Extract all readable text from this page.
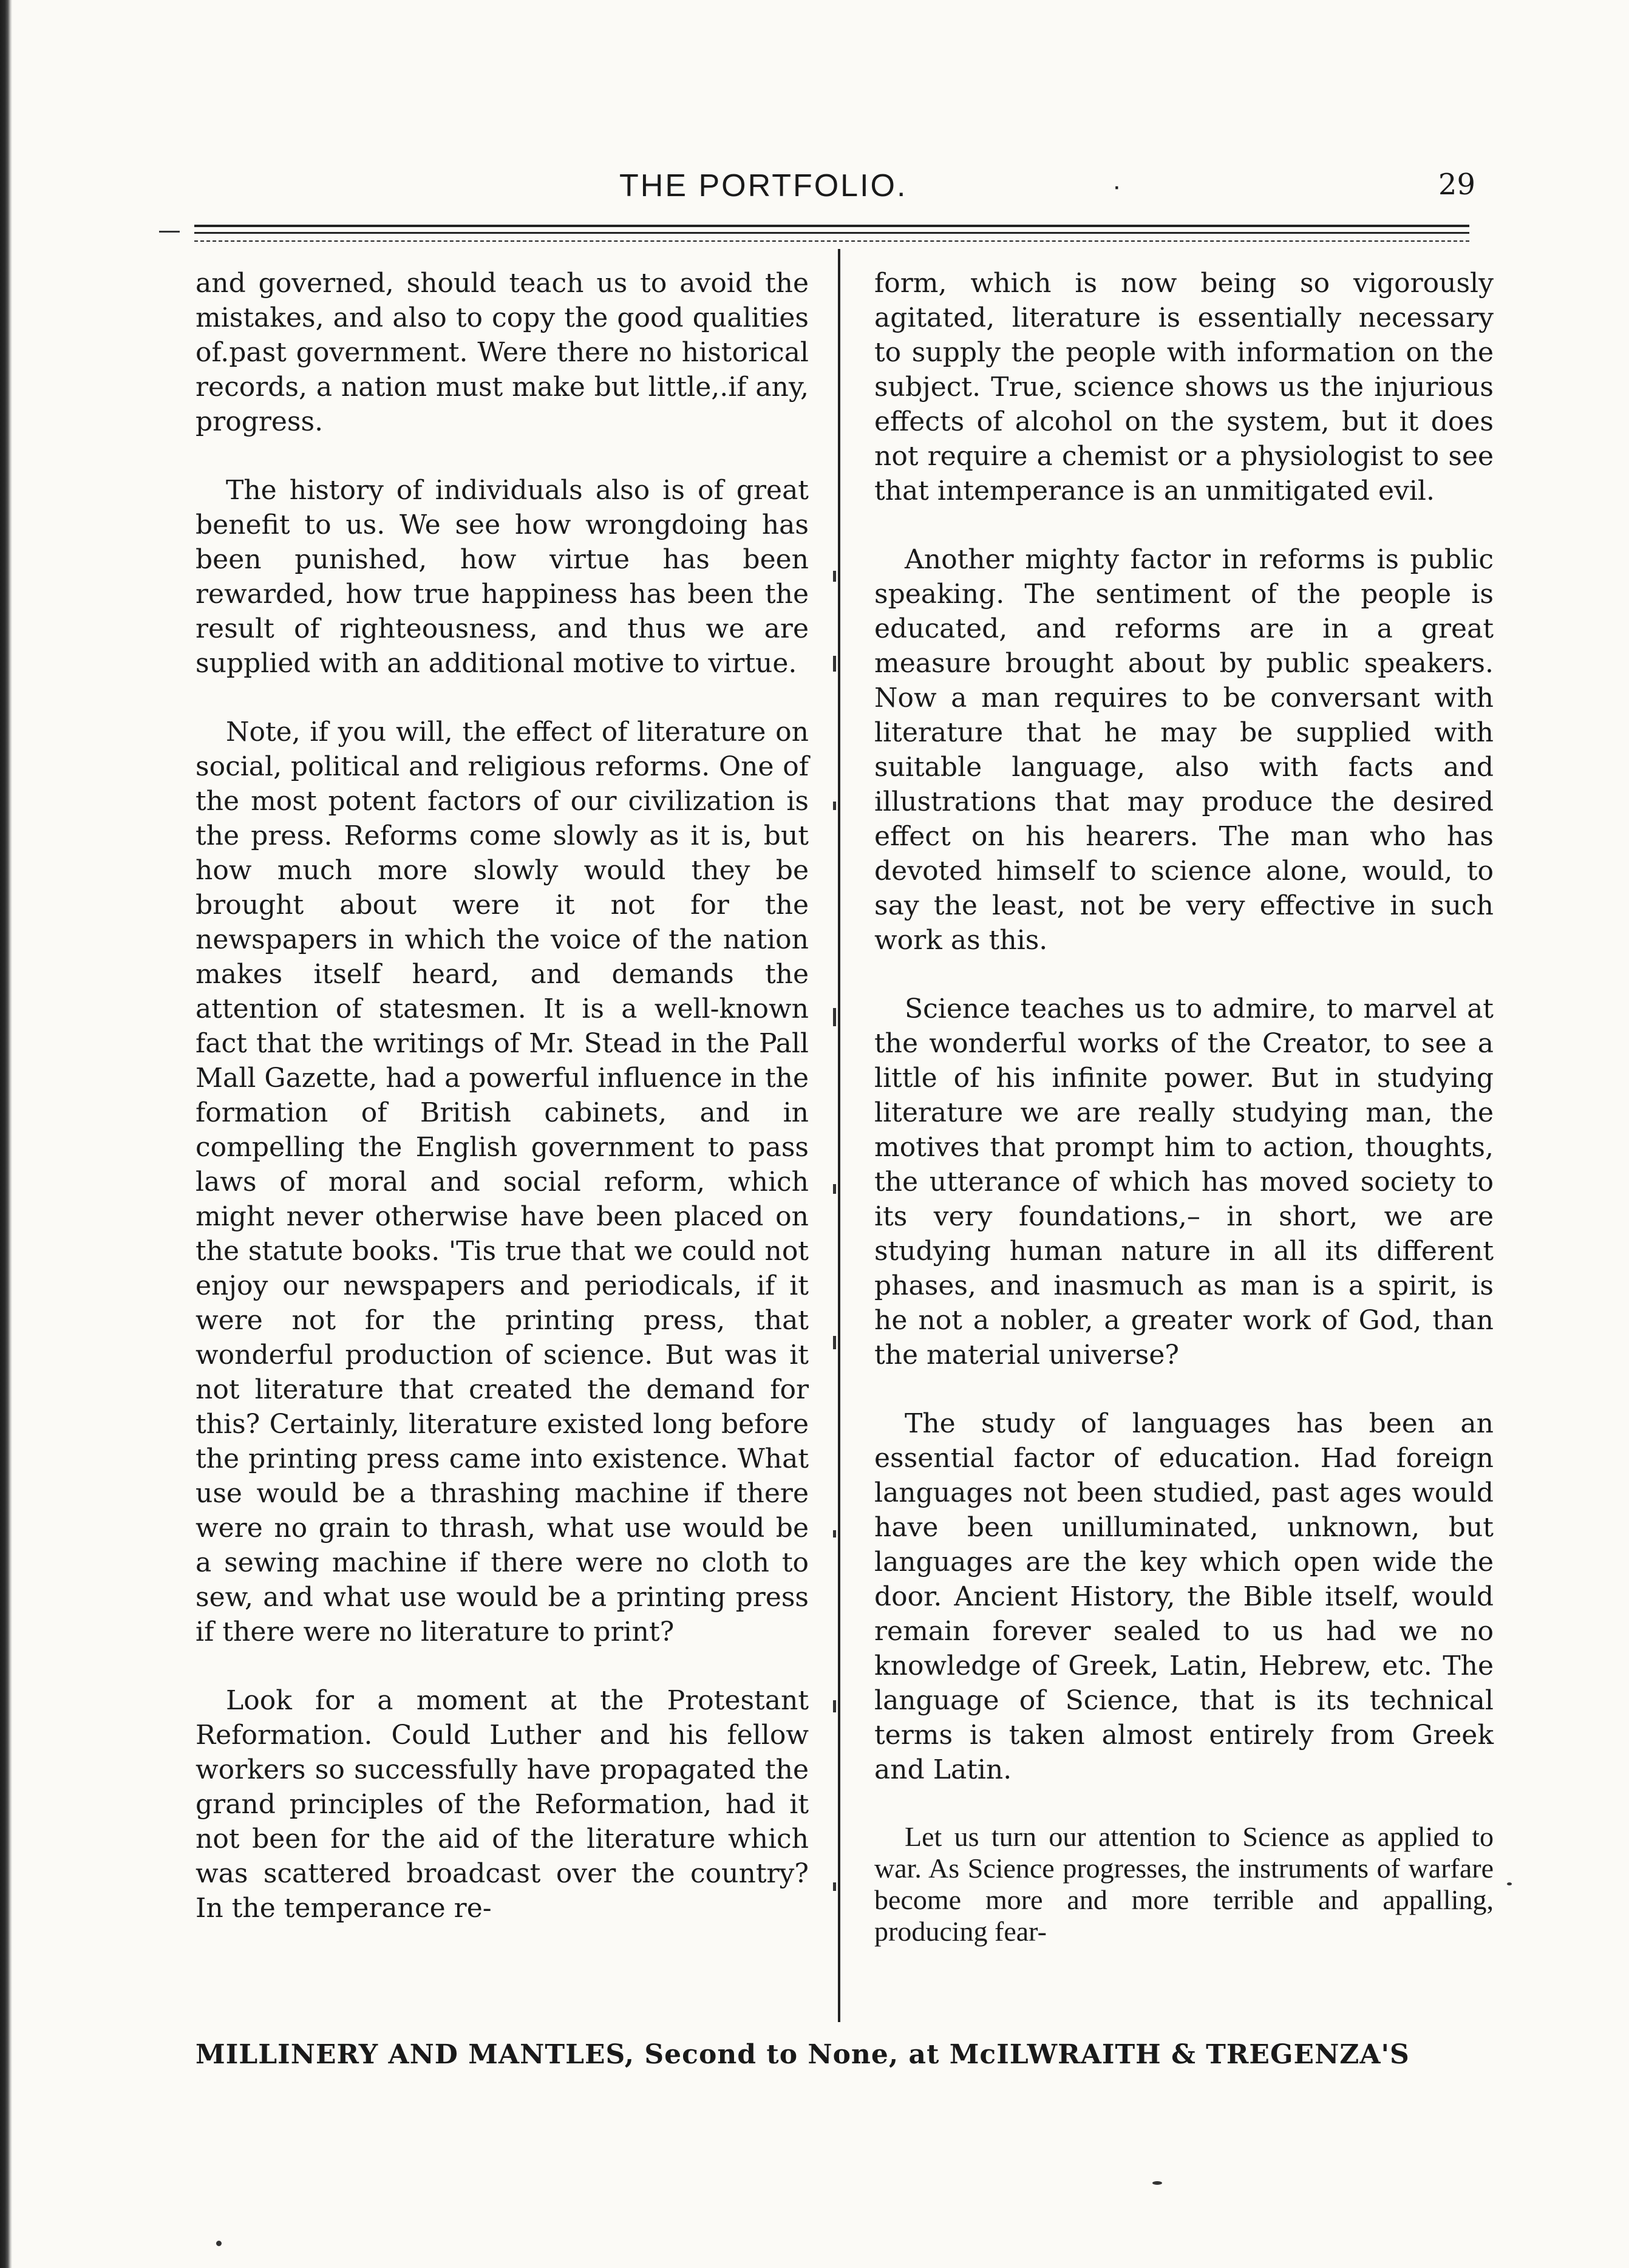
THE PORTFOLIO.	·	29

and governed, should teach us to avoid the mistakes, and also to copy the good qualities of.past government. Were there no historical records, a nation must make but little,.if any, progress.

The history of individuals also is of great benefit to us. We see how wrongdoing has been punished, how virtue has been rewarded, how true happiness has been the result of righteousness, and thus we are supplied with an additional motive to virtue.

Note, if you will, the effect of literature on social, political and religious reforms. One of the most potent factors of our civilization is the press. Reforms come slowly as it is, but how much more slowly would they be brought about were it not for the newspapers in which the voice of the nation makes itself heard, and demands the attention of statesmen. It is a well-known fact that the writings of Mr. Stead in the Pall Mall Gazette, had a powerful influence in the formation of British cabinets, and in compelling the English government to pass laws of moral and social reform, which might never otherwise have been placed on the statute books. 'Tis true that we could not enjoy our newspapers and periodicals, if it were not for the printing press, that wonderful production of science. But was it not literature that created the demand for this? Certainly, literature existed long before the printing press came into existence. What use would be a thrashing machine if there were no grain to thrash, what use would be a sewing machine if there were no cloth to sew, and what use would be a printing press if there were no literature to print?

Look for a moment at the Protestant Reformation. Could Luther and his fellow workers so successfully have propagated the grand principles of the Reformation, had it not been for the aid of the literature which was scattered broadcast over the country? In the temperance re-

form, which is now being so vigorously agitated, literature is essentially necessary to supply the people with information on the subject. True, science shows us the injurious effects of alcohol on the system, but it does not require a chemist or a physiologist to see that intemperance is an unmitigated evil.

Another mighty factor in reforms is public speaking. The sentiment of the people is educated, and reforms are in a great measure brought about by public speakers. Now a man requires to be conversant with literature that he may be supplied with suitable language, also with facts and illustrations that may produce the desired effect on his hearers. The man who has devoted himself to science alone, would, to say the least, not be very effective in such work as this.

Science teaches us to admire, to marvel at the wonderful works of the Creator, to see a little of his infinite power. But in studying literature we are really studying man, the motives that prompt him to action, thoughts, the utterance of which has moved society to its very foundations,– in short, we are studying human nature in all its different phases, and inasmuch as man is a spirit, is he not a nobler, a greater work of God, than the material universe?

The study of languages has been an essential factor of education. Had foreign languages not been studied, past ages would have been unilluminated, unknown, but languages are the key which open wide the door. Ancient History, the Bible itself, would remain forever sealed to us had we no knowledge of Greek, Latin, Hebrew, etc. The language of Science, that is its technical terms is taken almost entirely from Greek and Latin.

Let us turn our attention to Science as applied to war. As Science progresses, the instruments of warfare become more and more terrible and appalling, producing fear-

MILLINERY AND MANTLES, Second to None, at McILWRAITH & TREGENZA'S
